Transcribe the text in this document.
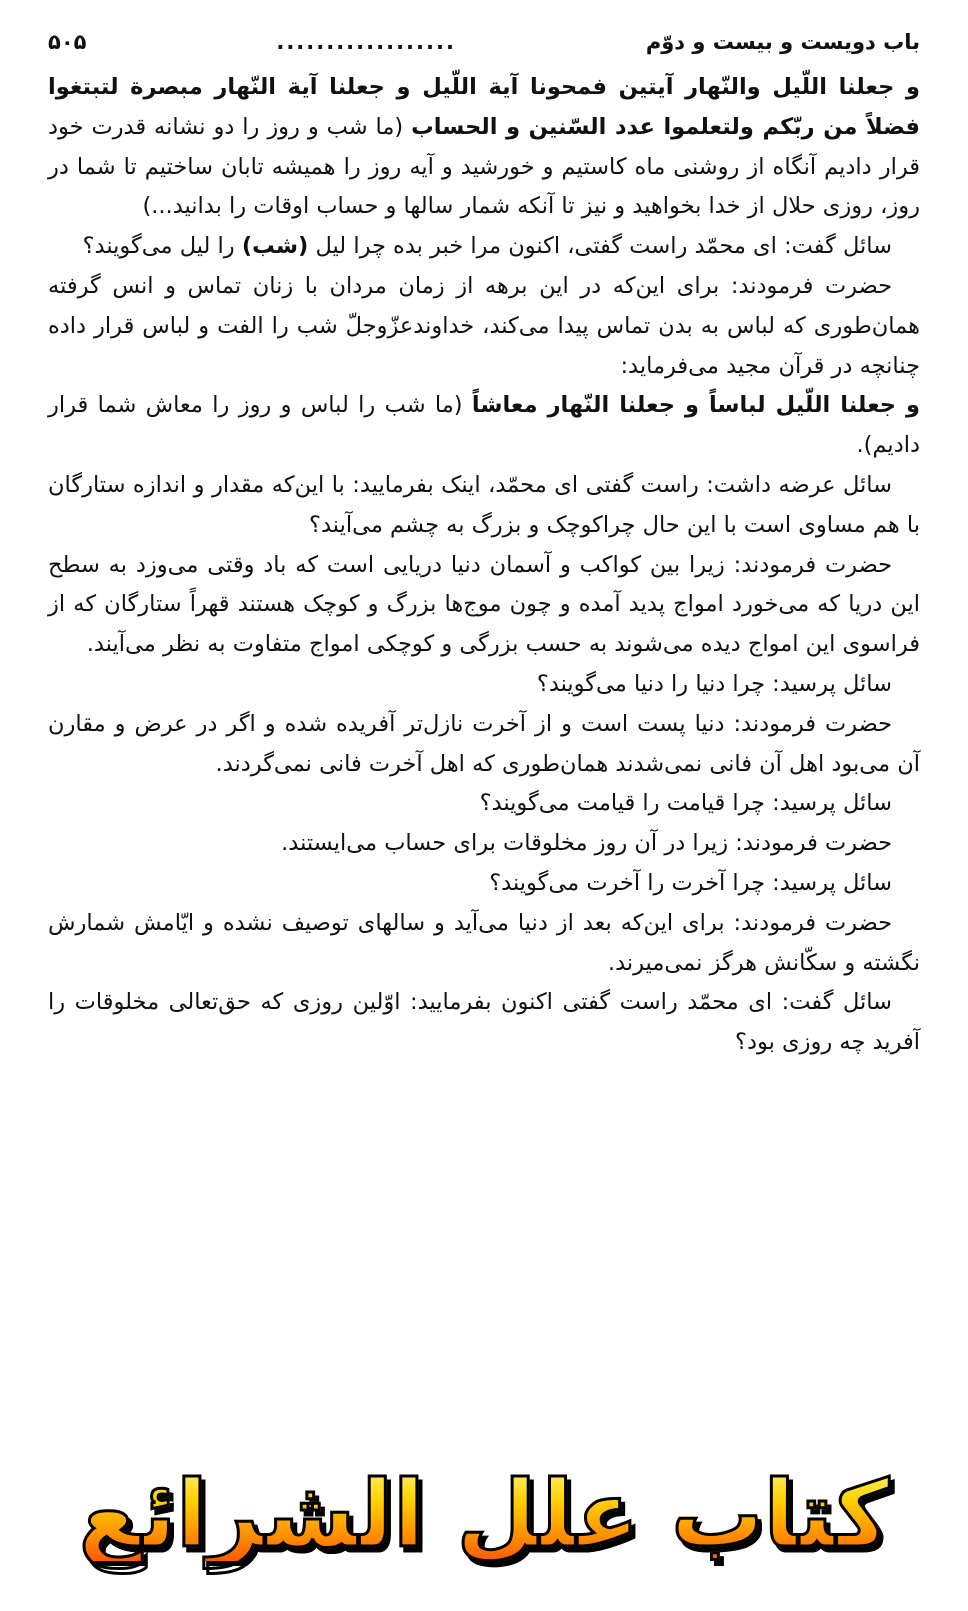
باب دویست و بیست و دوّم
..................
۵۰۵

و جعلنا اللّیل والنّهار آیتین فمحونا آیة اللّیل و جعلنا آیة النّهار مبصرة لتبتغوا فضلاً من ربّکم ولتعلموا عدد السّنین و الحساب (ما شب و روز را دو نشانه قدرت خود قرار دادیم آنگاه از روشنی ماه کاستیم و خورشید و آیه روز را همیشه تابان ساختیم تا شما در روز، روزی حلال از خدا بخواهید و نیز تا آنکه شمار سالها و حساب اوقات را بدانید...)

سائل گفت: ای محمّد راست گفتی، اکنون مرا خبر بده چرا لیل (شب) را لیل می‌گویند؟

حضرت فرمودند: برای این‌که در این برهه از زمان مردان با زنان تماس و انس گرفته همان‌طوری که لباس به بدن تماس پیدا می‌کند، خداوندعزّوجلّ شب را الفت و لباس قرار داده چنانچه در قرآن مجید می‌فرماید:

و جعلنا اللّیل لباساً و جعلنا النّهار معاشاً (ما شب را لباس و روز را معاش شما قرار دادیم).

سائل عرضه داشت: راست گفتی ای محمّد، اینک بفرمایید: با این‌که مقدار و اندازه ستارگان با هم مساوی است با این حال چراکوچک و بزرگ به چشم می‌آیند؟

حضرت فرمودند: زیرا بین کواکب و آسمان دنیا دریایی است که باد وقتی می‌وزد به سطح این دریا که می‌خورد امواج پدید آمده و چون موج‌ها بزرگ و کوچک هستند قهراً ستارگان که از فراسوی این امواج دیده می‌شوند به حسب بزرگی و کوچکی امواج متفاوت به نظر می‌آیند.

سائل پرسید: چرا دنیا را دنیا می‌گویند؟

حضرت فرمودند: دنیا پست است و از آخرت نازل‌تر آفریده شده و اگر در عرض و مقارن آن می‌بود اهل آن فانی نمی‌شدند همان‌طوری که اهل آخرت فانی نمی‌گردند.

سائل پرسید: چرا قیامت را قیامت می‌گویند؟

حضرت فرمودند: زیرا در آن روز مخلوقات برای حساب می‌ایستند.

سائل پرسید: چرا آخرت را آخرت می‌گویند؟

حضرت فرمودند: برای این‌که بعد از دنیا می‌آید و سالهای توصیف نشده و ایّامش شمارش نگشته و سکّانش هرگز نمی‌میرند.

سائل گفت: ای محمّد راست گفتی اکنون بفرمایید: اوّلین روزی که حق‌تعالی مخلوقات را آفرید چه روزی بود؟

کتاب علل الشرائع
